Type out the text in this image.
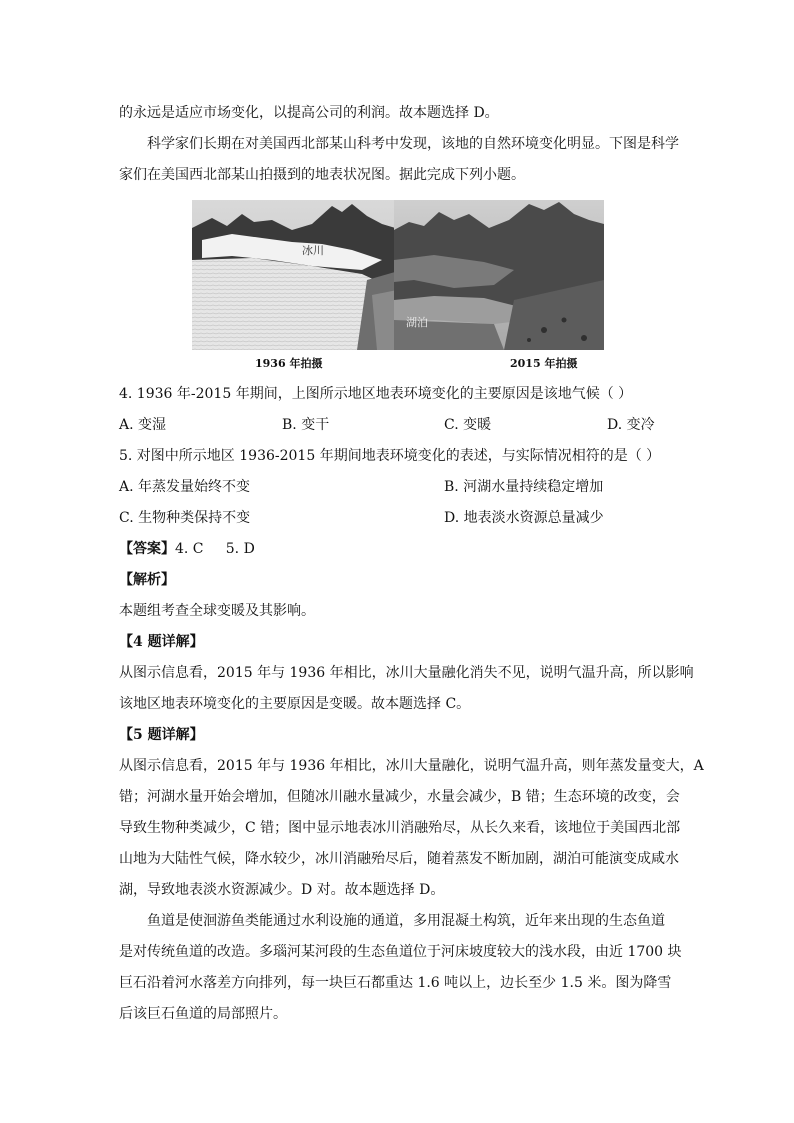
的永远是适应市场变化，以提高公司的利润。故本题选择 D。
科学家们长期在对美国西北部某山科考中发现，该地的自然环境变化明显。下图是科学
家们在美国西北部某山拍摄到的地表状况图。据此完成下列小题。
冰川
湖泊
1936 年拍摄	2015 年拍摄
4. 1936 年-2015 年期间，上图所示地区地表环境变化的主要原因是该地气候（ ）
A. 变湿	B. 变干	C. 变暖	D. 变冷
5. 对图中所示地区 1936-2015 年期间地表环境变化的表述，与实际情况相符的是（ ）
A. 年蒸发量始终不变	B. 河湖水量持续稳定增加
C. 生物种类保持不变	D. 地表淡水资源总量减少
【答案】4. C     5. D
【解析】
本题组考查全球变暖及其影响。
【4 题详解】
从图示信息看，2015 年与 1936 年相比，冰川大量融化消失不见，说明气温升高，所以影响
该地区地表环境变化的主要原因是变暖。故本题选择 C。
【5 题详解】
从图示信息看，2015 年与 1936 年相比，冰川大量融化，说明气温升高，则年蒸发量变大，A
错；河湖水量开始会增加，但随冰川融水量减少，水量会减少，B 错；生态环境的改变，会
导致生物种类减少，C 错；图中显示地表冰川消融殆尽，从长久来看，该地位于美国西北部
山地为大陆性气候，降水较少，冰川消融殆尽后，随着蒸发不断加剧，湖泊可能演变成咸水
湖，导致地表淡水资源减少。D 对。故本题选择 D。
鱼道是使洄游鱼类能通过水利设施的通道，多用混凝土构筑，近年来出现的生态鱼道
是对传统鱼道的改造。多瑙河某河段的生态鱼道位于河床坡度较大的浅水段，由近 1700 块
巨石沿着河水落差方向排列，每一块巨石都重达 1.6 吨以上，边长至少 1.5 米。图为降雪
后该巨石鱼道的局部照片。
